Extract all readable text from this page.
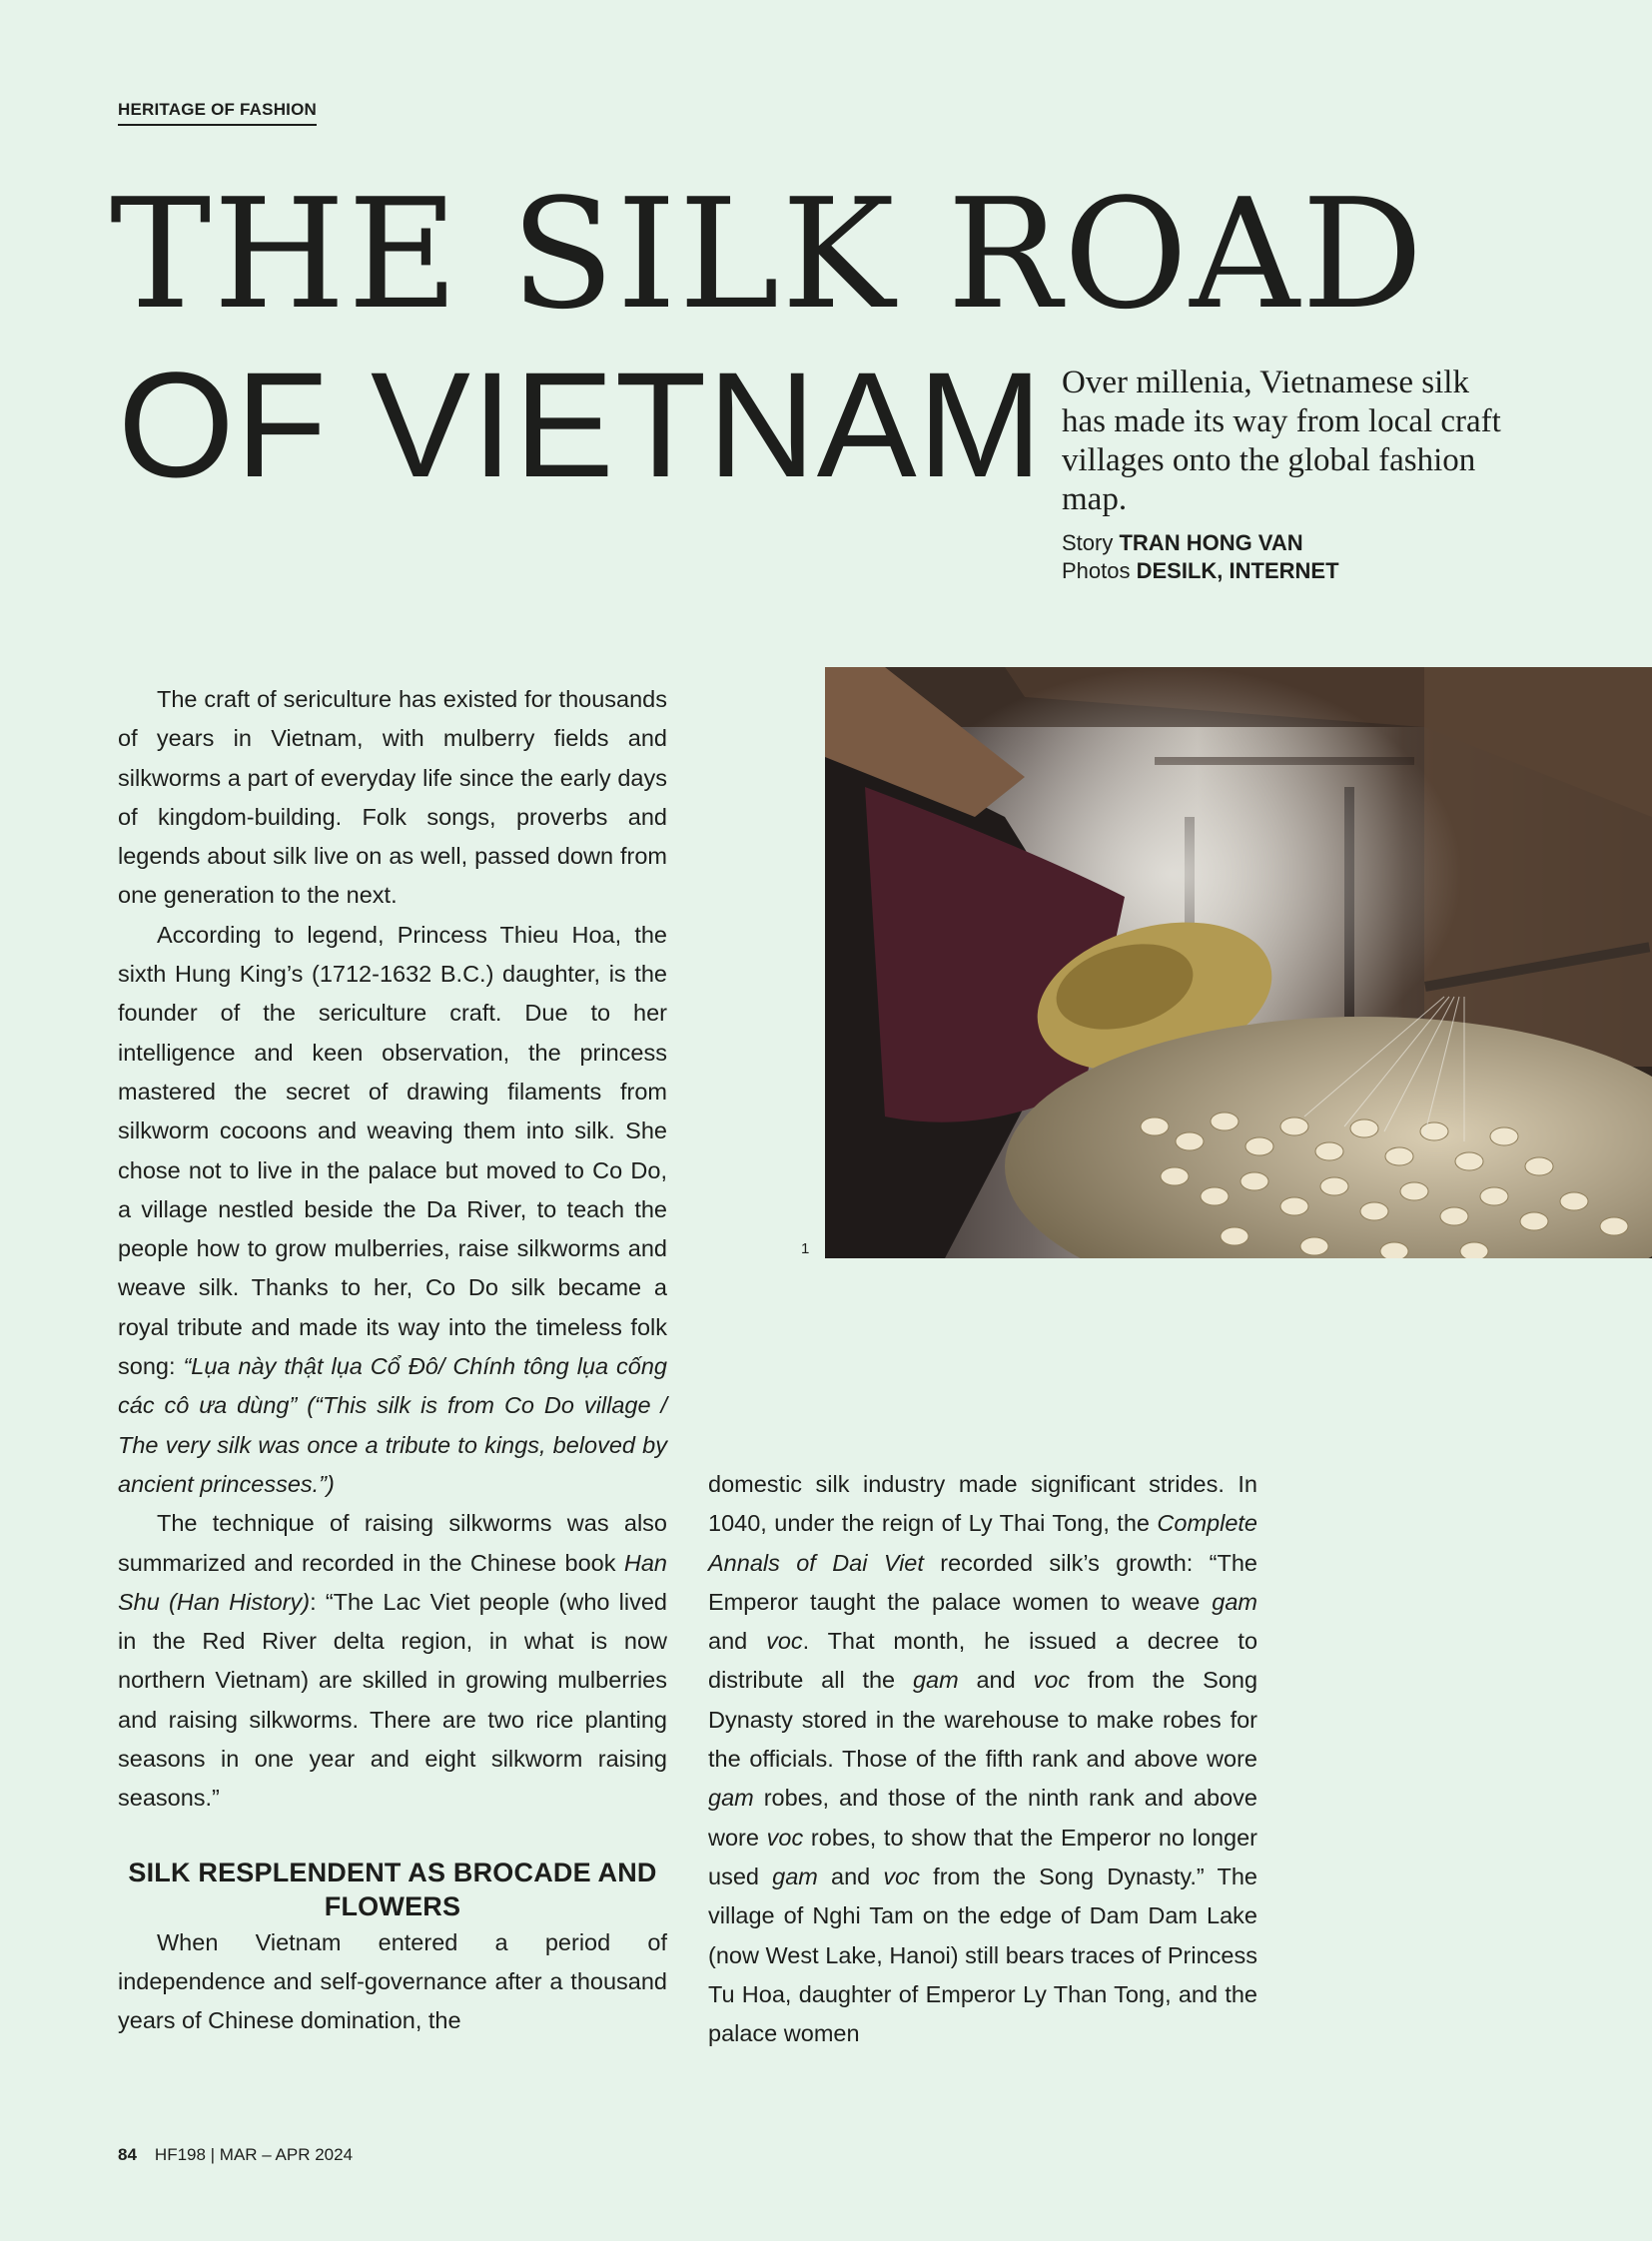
HERITAGE OF FASHION
THE SILK ROAD
OF VIETNAM Over millenia, Vietnamese silk has made its way from local craft villages onto the global fashion map.
Story TRAN HONG VAN
Photos DESILK, INTERNET

The craft of sericulture has existed for thousands of years in Vietnam, with mulberry fields and silkworms a part of everyday life since the early days of kingdom-building. Folk songs, proverbs and legends about silk live on as well, passed down from one generation to the next.

According to legend, Princess Thieu Hoa, the sixth Hung King’s (1712-1632 B.C.) daughter, is the founder of the sericulture craft. Due to her intelligence and keen observation, the princess mastered the secret of drawing filaments from silkworm cocoons and weaving them into silk. She chose not to live in the palace but moved to Co Do, a village nestled beside the Da River, to teach the people how to grow mulberries, raise silkworms and weave silk. Thanks to her, Co Do silk became a royal tribute and made its way into the timeless folk song: “Lụa này thật lụa Cổ Đô/ Chính tông lụa cống các cô ưa dùng” (“This silk is from Co Do village / The very silk was once a tribute to kings, beloved by ancient princesses.”)

The technique of raising silkworms was also summarized and recorded in the Chinese book Han Shu (Han History): “The Lac Viet people (who lived in the Red River delta region, in what is now northern Vietnam) are skilled in growing mulberries and raising silkworms. There are two rice planting seasons in one year and eight silkworm raising seasons.”

SILK RESPLENDENT AS BROCADE AND FLOWERS

When Vietnam entered a period of independence and self-governance after a thousand years of Chinese domination, the

1

domestic silk industry made significant strides. In 1040, under the reign of Ly Thai Tong, the Complete Annals of Dai Viet recorded silk’s growth: “The Emperor taught the palace women to weave gam and voc. That month, he issued a decree to distribute all the gam and voc from the Song Dynasty stored in the warehouse to make robes for the officials. Those of the fifth rank and above wore gam robes, and those of the ninth rank and above wore voc robes, to show that the Emperor no longer used gam and voc from the Song Dynasty.” The village of Nghi Tam on the edge of Dam Dam Lake (now West Lake, Hanoi) still bears traces of Princess Tu Hoa, daughter of Emperor Ly Than Tong, and the palace women

84 HF198 | MAR – APR 2024
